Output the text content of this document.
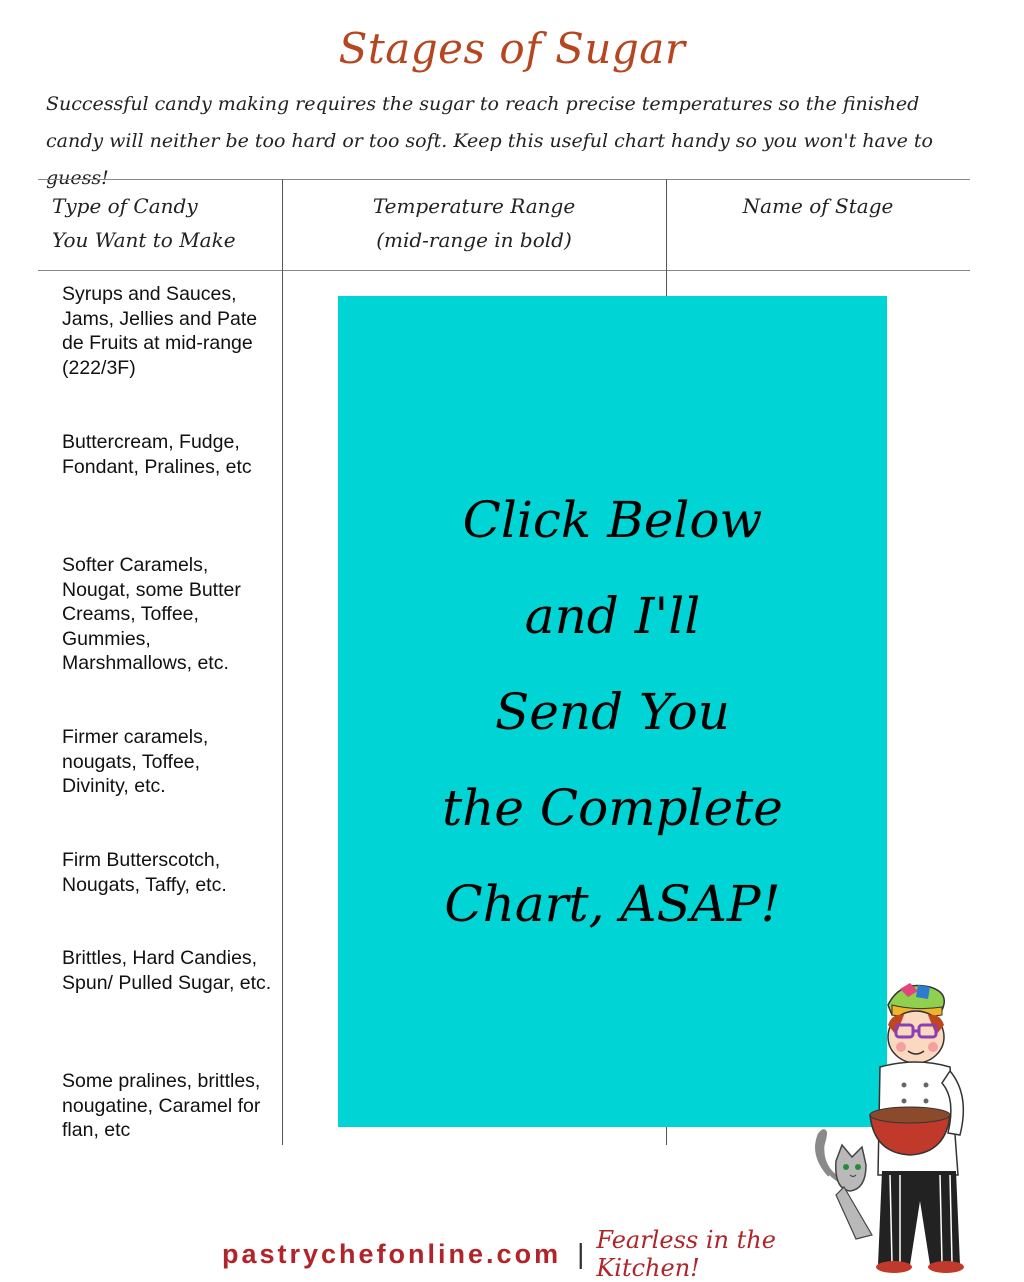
Stages of Sugar
Successful candy making requires the sugar to reach precise temperatures so the finished candy will neither be too hard or too soft. Keep this useful chart handy so you won't have to guess!
Type of Candy
You Want to Make
Temperature Range
(mid-range in bold)
Name of Stage
Syrups and Sauces, Jams, Jellies and Pate de Fruits at mid-range (222/3F)
Buttercream, Fudge, Fondant, Pralines, etc
Softer Caramels, Nougat, some Butter Creams, Toffee, Gummies, Marshmallows, etc.
Firmer caramels, nougats, Toffee, Divinity, etc.
Firm Butterscotch, Nougats, Taffy, etc.
Brittles, Hard Candies, Spun/ Pulled Sugar, etc.
Some pralines, brittles, nougatine, Caramel for flan, etc
Click Below
and I'll
Send You
the Complete
Chart, ASAP!
pastrychefonline.com | Fearless in the Kitchen!
